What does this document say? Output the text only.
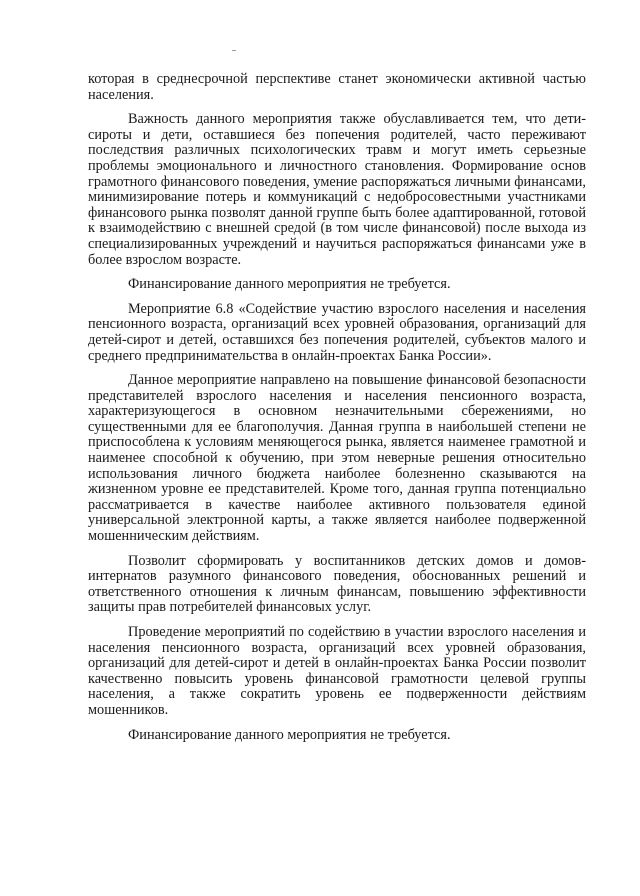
которая в среднесрочной перспективе станет экономически активной частью населения.

Важность данного мероприятия также обуславливается тем, что дети-сироты и дети, оставшиеся без попечения родителей, часто переживают последствия различных психологических травм и могут иметь серьезные проблемы эмоционального и личностного становления. Формирование основ грамотного финансового поведения, умение распоряжаться личными финансами, минимизирование потерь и коммуникаций с недобросовестными участниками финансового рынка позволят данной группе быть более адаптированной, готовой к взаимодействию с внешней средой (в том числе финансовой) после выхода из специализированных учреждений и научиться распоряжаться финансами уже в более взрослом возрасте.

Финансирование данного мероприятия не требуется.

Мероприятие 6.8 «Содействие участию взрослого населения и населения пенсионного возраста, организаций всех уровней образования, организаций для детей-сирот и детей, оставшихся без попечения родителей, субъектов малого и среднего предпринимательства в онлайн-проектах Банка России».

Данное мероприятие направлено на повышение финансовой безопасности представителей взрослого населения и населения пенсионного возраста, характеризующегося в основном незначительными сбережениями, но существенными для ее благополучия. Данная группа в наибольшей степени не приспособлена к условиям меняющегося рынка, является наименее грамотной и наименее способной к обучению, при этом неверные решения относительно использования личного бюджета наиболее болезненно сказываются на жизненном уровне ее представителей. Кроме того, данная группа потенциально рассматривается в качестве наиболее активного пользователя единой универсальной электронной карты, а также является наиболее подверженной мошенническим действиям.

Позволит сформировать у воспитанников детских домов и домов-интернатов разумного финансового поведения, обоснованных решений и ответственного отношения к личным финансам, повышению эффективности защиты прав потребителей финансовых услуг.

Проведение мероприятий по содействию в участии взрослого населения и населения пенсионного возраста, организаций всех уровней образования, организаций для детей-сирот и детей в онлайн-проектах Банка России позволит качественно повысить уровень финансовой грамотности целевой группы населения, а также сократить уровень ее подверженности действиям мошенников.

Финансирование данного мероприятия не требуется.
